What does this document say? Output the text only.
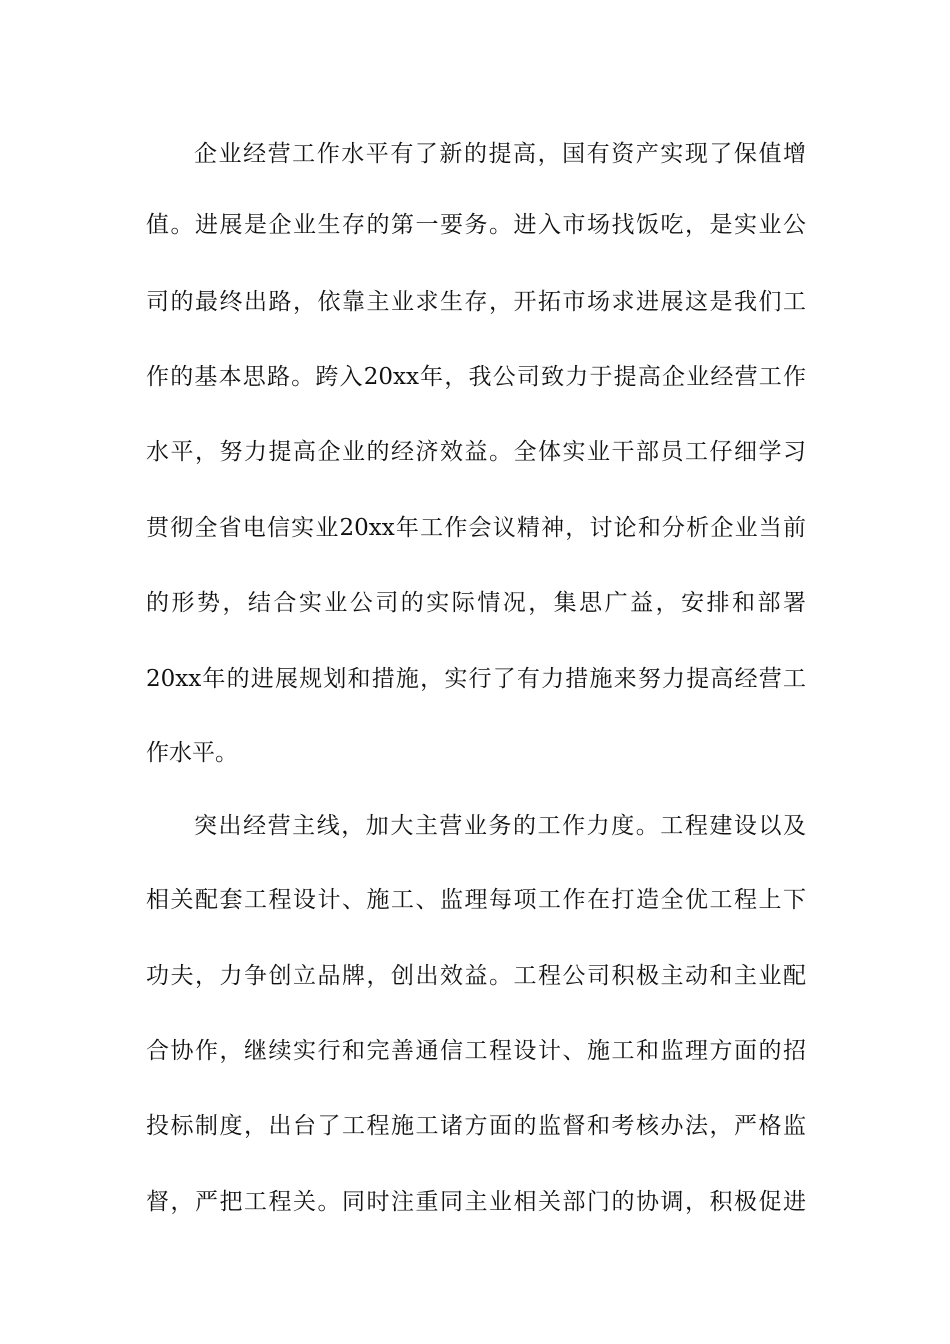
企业经营工作水平有了新的提高，国有资产实现了保值增
值。进展是企业生存的第一要务。进入市场找饭吃，是实业公
司的最终出路，依靠主业求生存，开拓市场求进展这是我们工
作的基本思路。跨入20xx年，我公司致力于提高企业经营工作
水平，努力提高企业的经济效益。全体实业干部员工仔细学习
贯彻全省电信实业20xx年工作会议精神，讨论和分析企业当前
的形势，结合实业公司的实际情况，集思广益，安排和部署
20xx年的进展规划和措施，实行了有力措施来努力提高经营工
作水平。
突出经营主线，加大主营业务的工作力度。工程建设以及
相关配套工程设计、施工、监理每项工作在打造全优工程上下
功夫，力争创立品牌，创出效益。工程公司积极主动和主业配
合协作，继续实行和完善通信工程设计、施工和监理方面的招
投标制度，出台了工程施工诸方面的监督和考核办法，严格监
督，严把工程关。同时注重同主业相关部门的协调，积极促进
